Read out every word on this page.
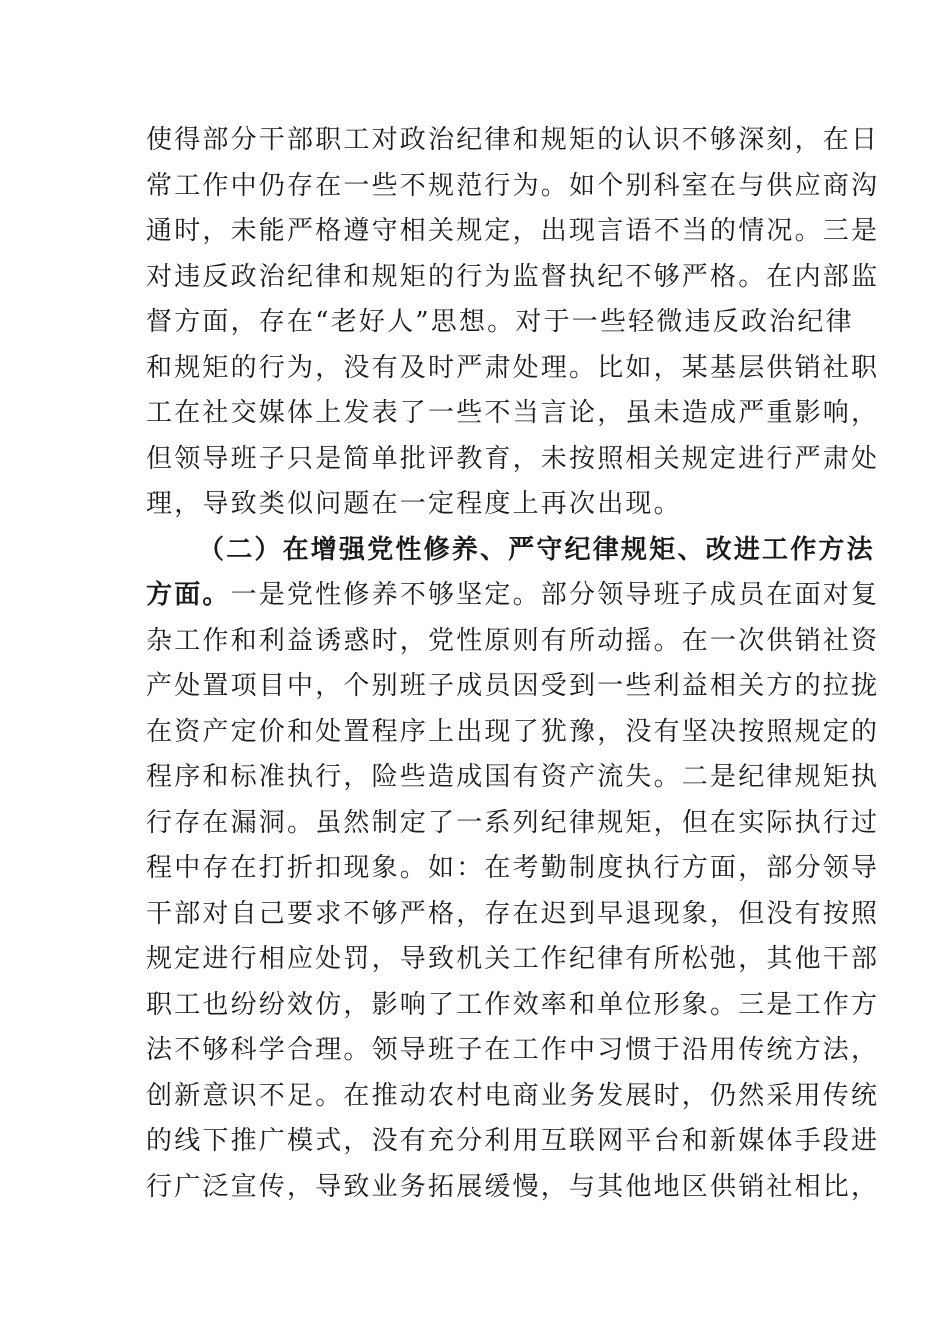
使得部分干部职工对政治纪律和规矩的认识不够深刻，在日
常工作中仍存在一些不规范行为。如个别科室在与供应商沟
通时，未能严格遵守相关规定，出现言语不当的情况。三是
对违反政治纪律和规矩的行为监督执纪不够严格。在内部监
督方面，存在“老好人”思想。对于一些轻微违反政治纪律
和规矩的行为，没有及时严肃处理。比如，某基层供销社职
工在社交媒体上发表了一些不当言论，虽未造成严重影响，
但领导班子只是简单批评教育，未按照相关规定进行严肃处
理，导致类似问题在一定程度上再次出现。
（二）在增强党性修养、严守纪律规矩、改进工作方法
方面。一是党性修养不够坚定。部分领导班子成员在面对复
杂工作和利益诱惑时，党性原则有所动摇。在一次供销社资
产处置项目中，个别班子成员因受到一些利益相关方的拉拢
在资产定价和处置程序上出现了犹豫，没有坚决按照规定的
程序和标准执行，险些造成国有资产流失。二是纪律规矩执
行存在漏洞。虽然制定了一系列纪律规矩，但在实际执行过
程中存在打折扣现象。如：在考勤制度执行方面，部分领导
干部对自己要求不够严格，存在迟到早退现象，但没有按照
规定进行相应处罚，导致机关工作纪律有所松弛，其他干部
职工也纷纷效仿，影响了工作效率和单位形象。三是工作方
法不够科学合理。领导班子在工作中习惯于沿用传统方法，
创新意识不足。在推动农村电商业务发展时，仍然采用传统
的线下推广模式，没有充分利用互联网平台和新媒体手段进
行广泛宣传，导致业务拓展缓慢，与其他地区供销社相比，
